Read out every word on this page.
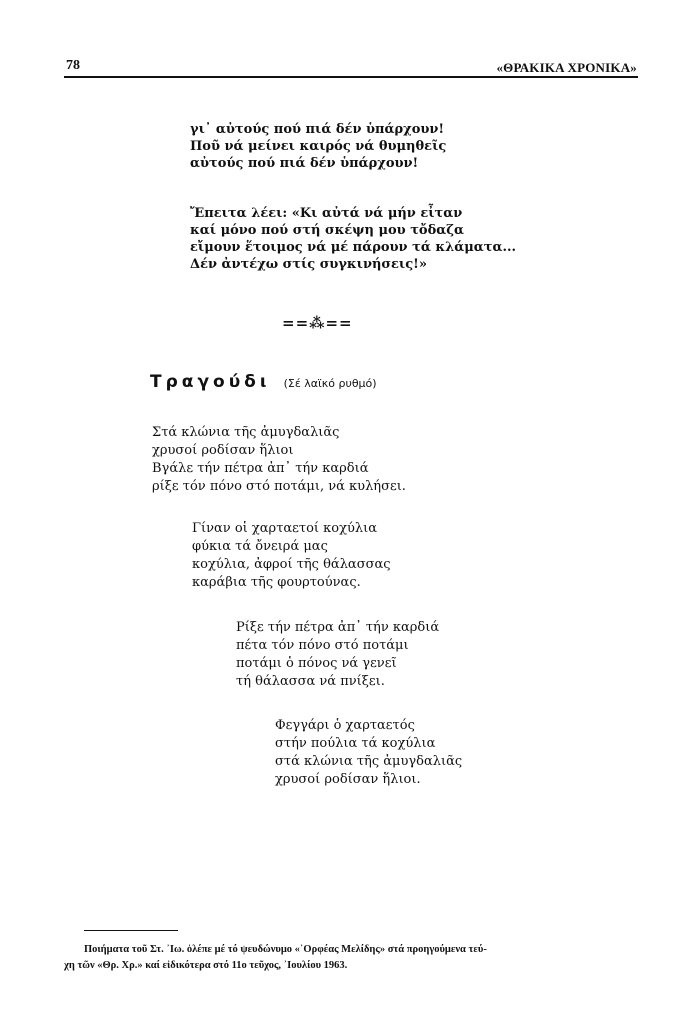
78	«ΘΡΑΚΙΚΑ ΧΡΟΝΙΚΑ»
γι᾽ αὐτούς πού πιά δέν ὑπάρχουν!
Ποῦ νά μείνει καιρός νά θυμηθεῖς
αὐτούς πού πιά δέν ὑπάρχουν!
Ἔπειτα λέει: «Κι αὐτά νά μήν εἶταν
καί μόνο πού στή σκέψη μου τὄδαζα
εἴμουν ἕτοιμος νά μέ πάρουν τά κλάματα...
Δέν ἀντέχω στίς συγκινήσεις!»
==⁂==
Τραγούδι (Σέ λαϊκό ρυθμό)
Στά κλώνια τῆς ἀμυγδαλιᾶς
χρυσοί ροδίσαν ἥλιοι
Βγάλε τήν πέτρα ἀπ᾽ τήν καρδιά
ρίξε τόν πόνο στό ποτάμι, νά κυλήσει.
Γίναν οἱ χαρταετοί κοχύλια
φύκια τά ὄνειρά μας
κοχύλια, ἀφροί τῆς θάλασσας
καράβια τῆς φουρτούνας.
Ρίξε τήν πέτρα ἀπ᾽ τήν καρδιά
πέτα τόν πόνο στό ποτάμι
ποτάμι ὁ πόνος νά γενεῖ
τή θάλασσα νά πνίξει.
Φεγγάρι ὁ χαρταετός
στήν πούλια τά κοχύλια
στά κλώνια τῆς ἀμυγδαλιᾶς
χρυσοί ροδίσαν ἥλιοι.
Ποιήματα τοῦ Στ. ᾽Ιω. ὁλέπε μέ τό ψευδώνυμο «᾽Ορφέας Μελίδης» στά προηγούμενα τεύ-
χη τῶν «Θρ. Χρ.» καί εἰδικότερα στό 11ο τεῦχος, ᾽Ιουλίου 1963.
